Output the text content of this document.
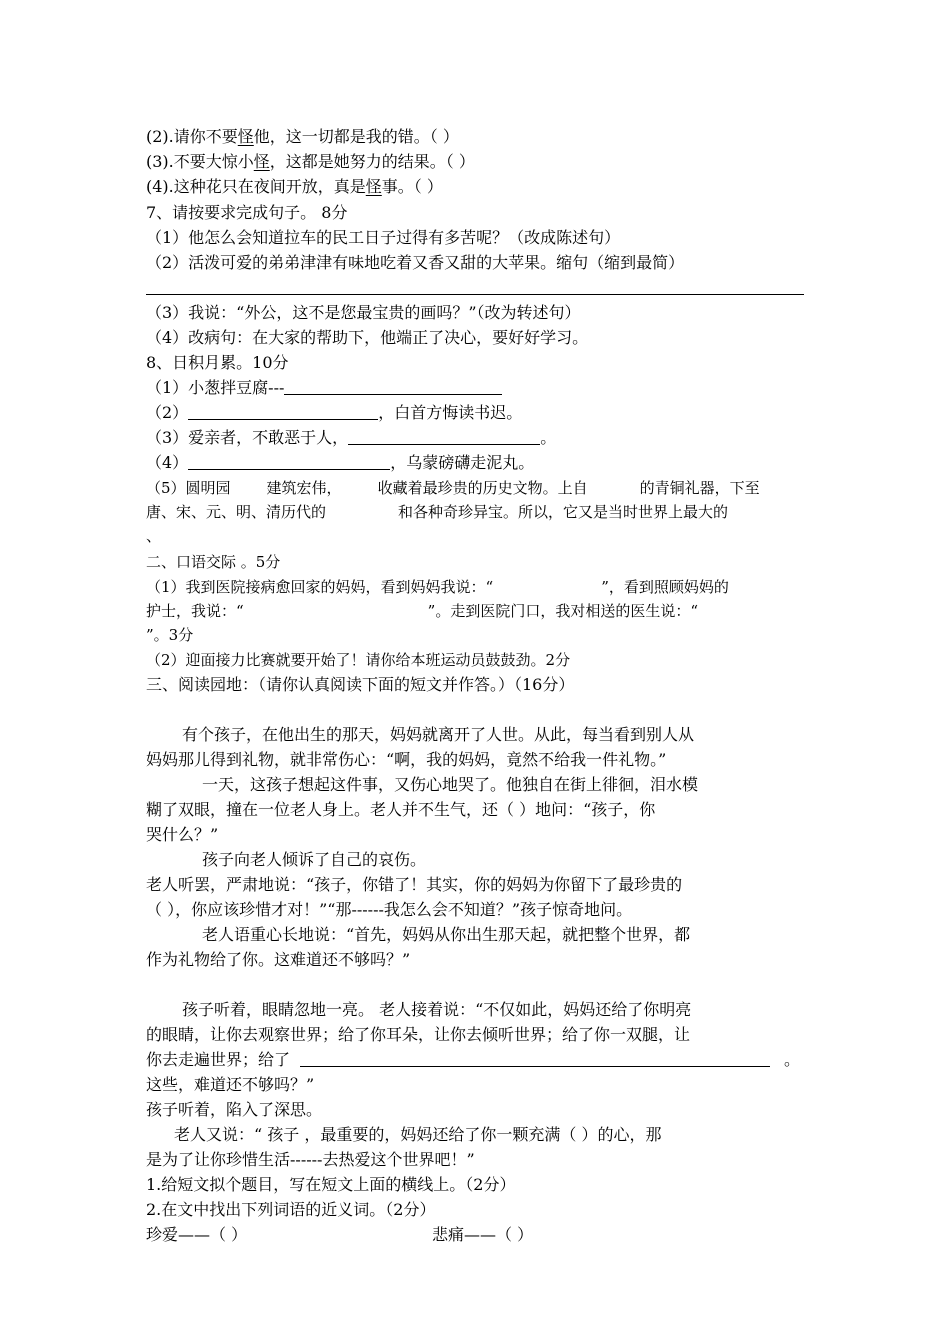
(2).请你不要怪他，这一切都是我的错。（ ）
(3).不要大惊小怪，这都是她努力的结果。（ ）
(4).这种花只在夜间开放，真是怪事。（ ）
7、请按要求完成句子。 8分
（1）他怎么会知道拉车的民工日子过得有多苦呢？（改成陈述句）
（2）活泼可爱的弟弟津津有味地吃着又香又甜的大苹果。缩句（缩到最简）
（3）我说：“外公，这不是您最宝贵的画吗？”（改为转述句）
（4）改病句：在大家的帮助下，他端正了决心，要好好学习。
8、日积月累。10分
（1）小葱拌豆腐---
（2）	，白首方悔读书迟。
（3）爱亲者，不敢恶于人，	。
（4）	，乌蒙磅礴走泥丸。
（5）圆明园 建筑宏伟， 收藏着最珍贵的历史文物。上自	的青铜礼器，下至
唐、宋、元、明、清历代的	和各种奇珍异宝。所以，它又是当时世界上最大的
、
二、口语交际 。5分
（1）我到医院接病愈回家的妈妈，看到妈妈我说：“	”，看到照顾妈妈的
护士，我说：“	”。走到医院门口，我对相送的医生说：“
”。3分
（2）迎面接力比赛就要开始了！请你给本班运动员鼓鼓劲。2分
三、阅读园地：（请你认真阅读下面的短文并作答。）（16分）
有个孩子，在他出生的那天，妈妈就离开了人世。从此，每当看到别人从
妈妈那儿得到礼物，就非常伤心：“啊，我的妈妈，竟然不给我一件礼物。”
一天，这孩子想起这件事，又伤心地哭了。他独自在街上徘徊，泪水模
糊了双眼，撞在一位老人身上。老人并不生气，还（ ）地问：“孩子，你
哭什么？”
孩子向老人倾诉了自己的哀伤。
老人听罢，严肃地说：“孩子，你错了！其实，你的妈妈为你留下了最珍贵的
（ ），你应该珍惜才对！”“那------我怎么会不知道？”孩子惊奇地问。
老人语重心长地说：“首先，妈妈从你出生那天起，就把整个世界，都
作为礼物给了你。这难道还不够吗？”
孩子听着，眼睛忽地一亮。 老人接着说：“不仅如此，妈妈还给了你明亮
的眼睛，让你去观察世界；给了你耳朵，让你去倾听世界；给了你一双腿，让
你去走遍世界；给了	。
这些，难道还不够吗？”
孩子听着，陷入了深思。
老人又说：“ 孩子 ，最重要的，妈妈还给了你一颗充满（ ）的心，那
是为了让你珍惜生活------去热爱这个世界吧！”
1.给短文拟个题目，写在短文上面的横线上。（2分）
2.在文中找出下列词语的近义词。（2分）
珍爱——（ ）	悲痛——（ ）
